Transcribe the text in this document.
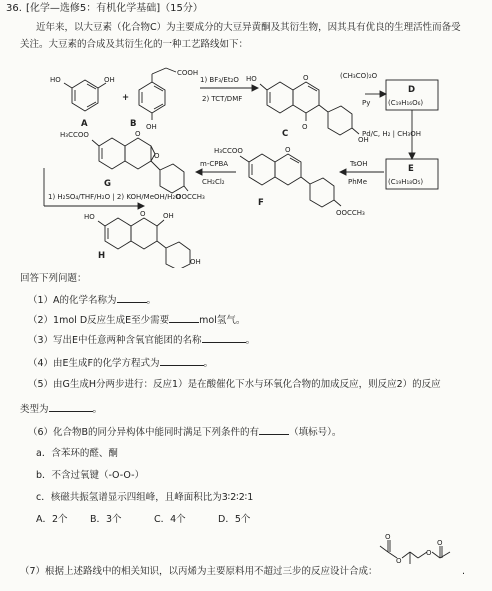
36. [化学—选修5：有机化学基础]（15分）
近年来，以大豆素（化合物C）为主要成分的大豆异黄酮及其衍生物，因其具有优良的生理活性而备受
关注。大豆素的合成及其衍生化的一种工艺路线如下：
HO	OH
A
+
COOH
OH
B
1) BF₃/Et₂O
2) TCT/DMF
HO	O
O
OH
C
(CH₃CO)₂O
Py
D
(C₁₉H₁₆O₆)
Pd/C, H₂ | CH₃OH
E
(C₁₉H₁₈O₅)
TsOH
PhMe
H₃CCOO	O
OOCCH₃
F
m-CPBA
CH₂Cl₂
H₃CCOO	O
O
OOCCH₃
G
1) H₂SO₄/THF/H₂O | 2) KOH/MeOH/H₂O
HO	O OH
OH
H
回答下列问题：
（1）A的化学名称为	。
（2）1mol D反应生成E至少需要	mol氢气。
（3）写出E中任意两种含氧官能团的名称	。
（4）由E生成F的化学方程式为	。
（5）由G生成H分两步进行：反应1）是在酸催化下水与环氧化合物的加成反应，则反应2）的反应
类型为	。
（6）化合物B的同分异构体中能同时满足下列条件的有	（填标号）。
a．含苯环的醛、酮
b．不含过氧键（-O-O-）
c．核磁共振氢谱显示四组峰，且峰面积比为3∶2∶2∶1
A．2个 B．3个	C．4个	D．5个
O
O
O
O
（7）根据上述路线中的相关知识，以丙烯为主要原料用不超过三步的反应设计合成：	.
